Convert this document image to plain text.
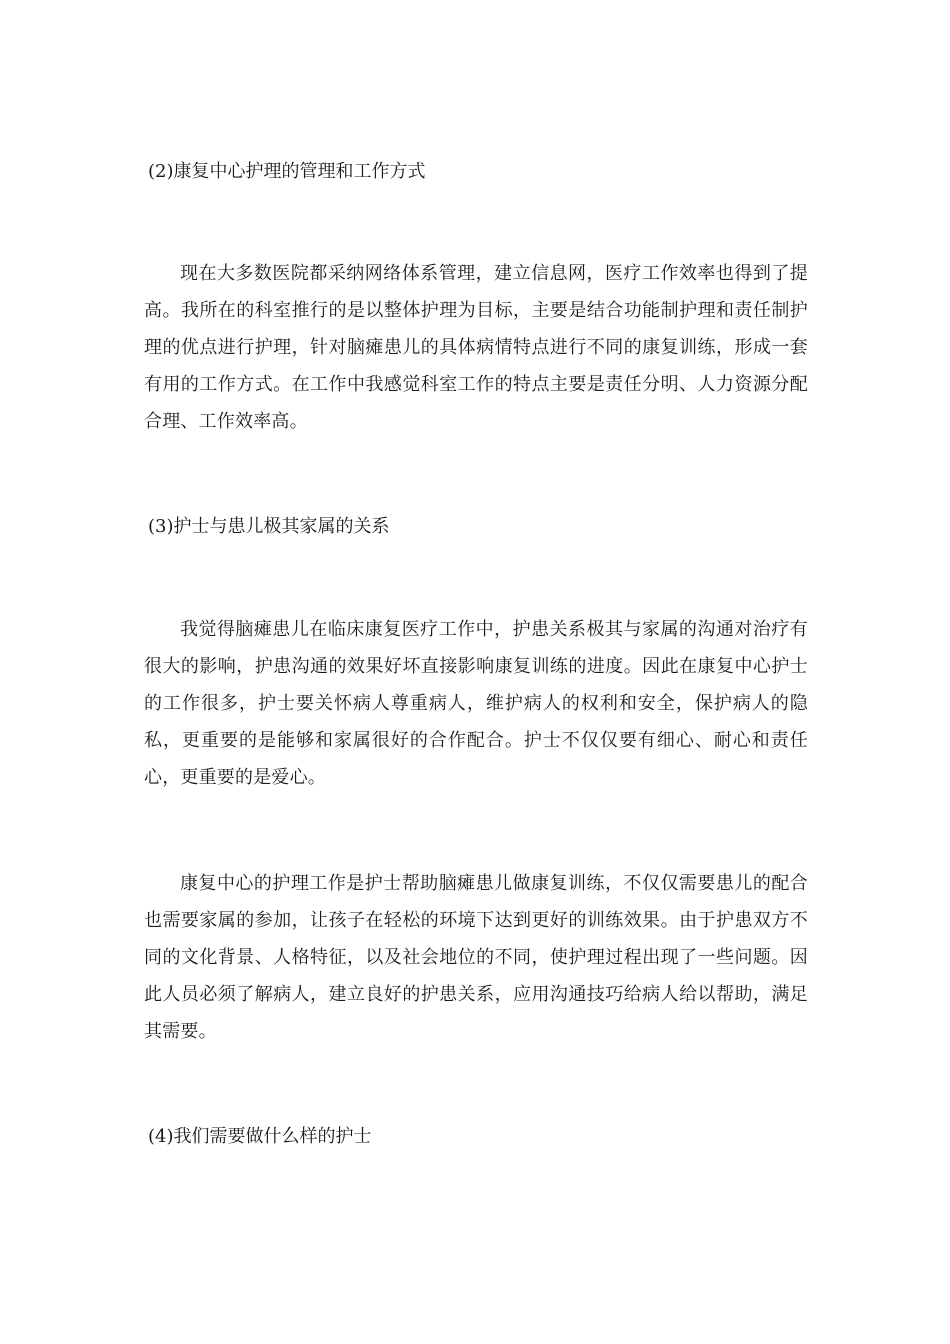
(2)康复中心护理的管理和工作方式

现在大多数医院都采纳网络体系管理，建立信息网，医疗工作效率也得到了提高。我所在的科室推行的是以整体护理为目标，主要是结合功能制护理和责任制护理的优点进行护理，针对脑瘫患儿的具体病情特点进行不同的康复训练，形成一套有用的工作方式。在工作中我感觉科室工作的特点主要是责任分明、人力资源分配合理、工作效率高。

(3)护士与患儿极其家属的关系

我觉得脑瘫患儿在临床康复医疗工作中，护患关系极其与家属的沟通对治疗有很大的影响，护患沟通的效果好坏直接影响康复训练的进度。因此在康复中心护士的工作很多，护士要关怀病人尊重病人，维护病人的权利和安全，保护病人的隐私，更重要的是能够和家属很好的合作配合。护士不仅仅要有细心、耐心和责任心，更重要的是爱心。

康复中心的护理工作是护士帮助脑瘫患儿做康复训练，不仅仅需要患儿的配合也需要家属的参加，让孩子在轻松的环境下达到更好的训练效果。由于护患双方不同的文化背景、人格特征，以及社会地位的不同，使护理过程出现了一些问题。因此人员必须了解病人，建立良好的护患关系，应用沟通技巧给病人给以帮助，满足其需要。

(4)我们需要做什么样的护士
